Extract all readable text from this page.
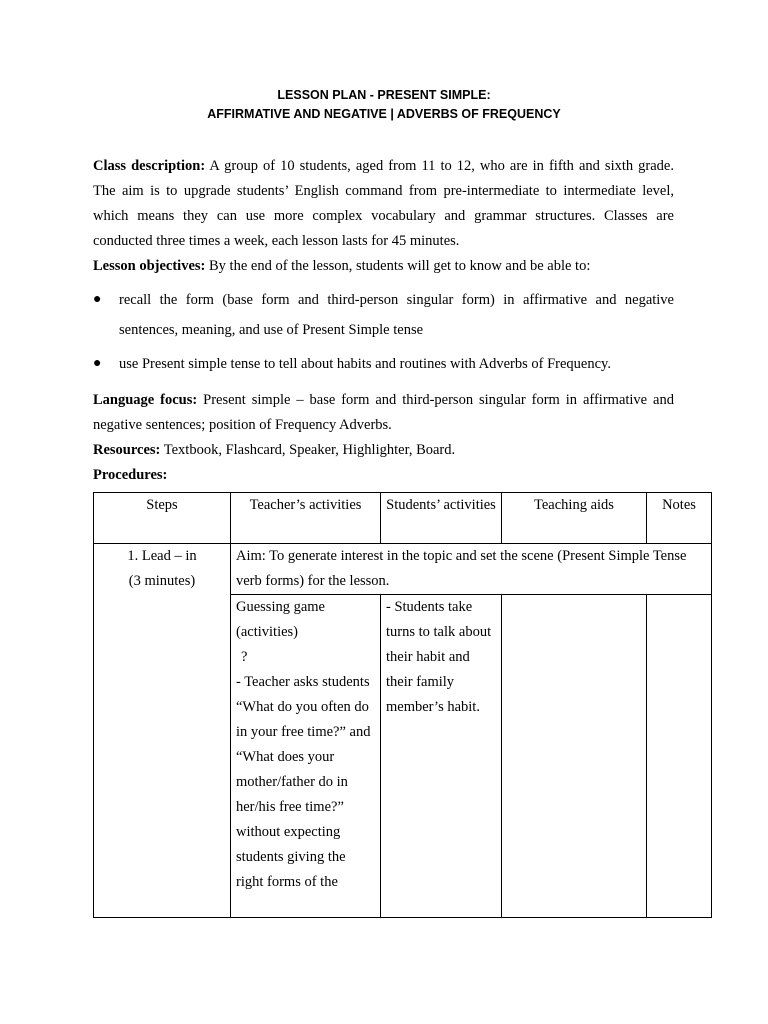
LESSON PLAN - PRESENT SIMPLE:
AFFIRMATIVE AND NEGATIVE | ADVERBS OF FREQUENCY

Class description: A group of 10 students, aged from 11 to 12, who are in fifth and sixth grade. The aim is to upgrade students’ English command from pre-intermediate to intermediate level, which means they can use more complex vocabulary and grammar structures. Classes are conducted three times a week, each lesson lasts for 45 minutes.

Lesson objectives: By the end of the lesson, students will get to know and be able to:

● recall the form (base form and third-person singular form) in affirmative and negative sentences, meaning, and use of Present Simple tense
● use Present simple tense to tell about habits and routines with Adverbs of Frequency.

Language focus: Present simple – base form and third-person singular form in affirmative and negative sentences; position of Frequency Adverbs.

Resources: Textbook, Flashcard, Speaker, Highlighter, Board.

Procedures:

Steps	Teacher’s activities	Students’ activities	Teaching aids	Notes

1. Lead – in
(3 minutes)	Aim: To generate interest in the topic and set the scene (Present Simple Tense verb forms) for the lesson.			

	Guessing game (activities)
?
- Teacher asks students “What do you often do in your free time?” and “What does your mother/father do in her/his free time?” without expecting students giving the right forms of the	- Students take turns to talk about their habit and their family member’s habit.		
